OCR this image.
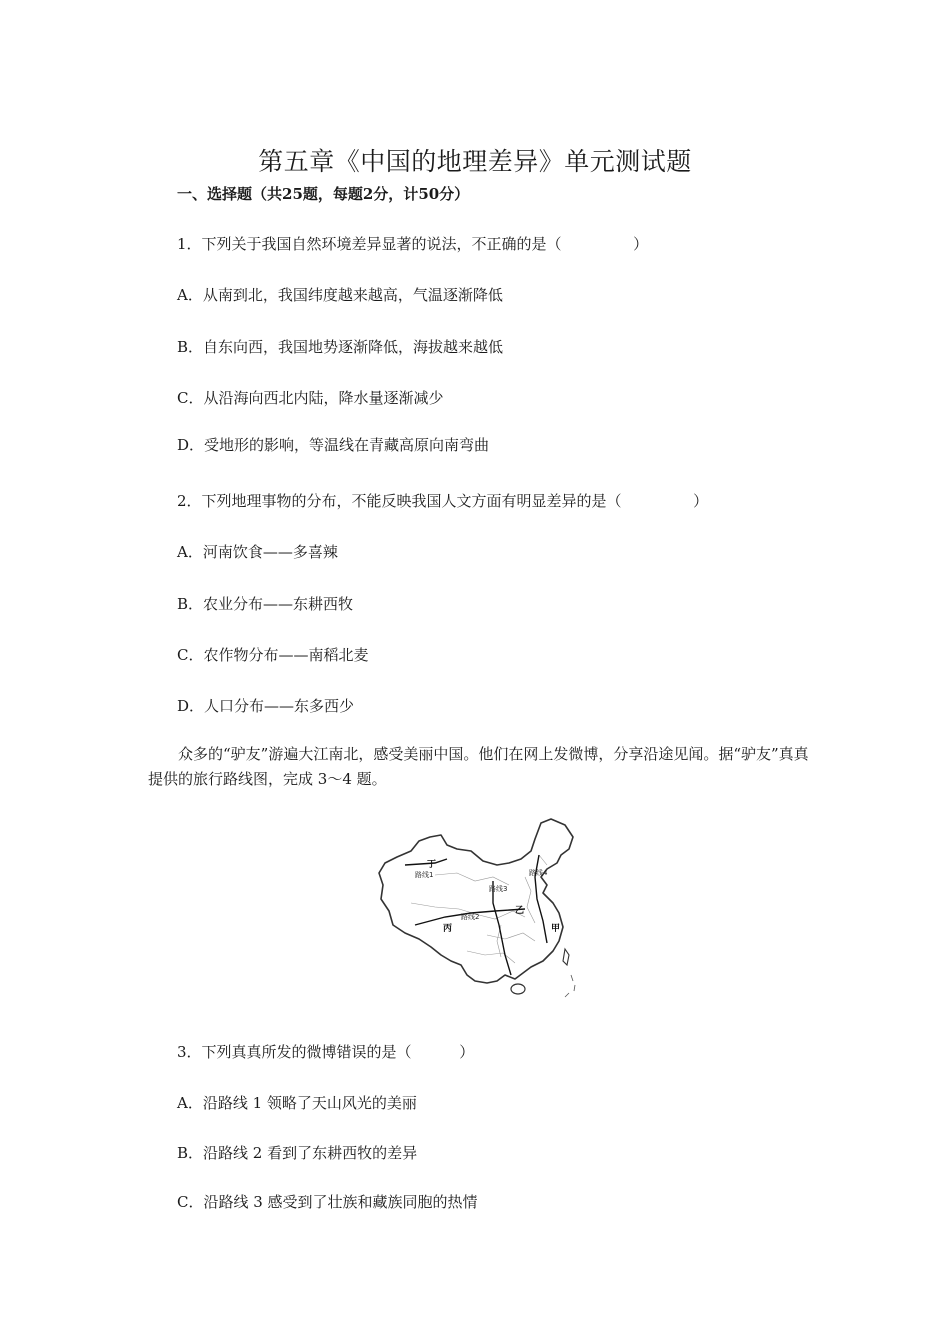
第五章《中国的地理差异》单元测试题
一、选择题（共25题，每题2分，计50分）

1．下列关于我国自然环境差异显著的说法，不正确的是（               ）

A．从南到北，我国纬度越来越高，气温逐渐降低

B．自东向西，我国地势逐渐降低，海拔越来越低

C．从沿海向西北内陆，降水量逐渐减少

D．受地形的影响，等温线在青藏高原向南弯曲

2．下列地理事物的分布，不能反映我国人文方面有明显差异的是（               ）

A．河南饮食——多喜辣

B．农业分布——东耕西牧

C．农作物分布——南稻北麦

D．人口分布——东多西少

众多的“驴友”游遍大江南北，感受美丽中国。他们在网上发微博，分享沿途见闻。据“驴友”真真提供的旅行路线图，完成 3～4 题。

路线1
路线2
路线3
路线4
丁
丙	甲
乙

3．下列真真所发的微博错误的是（          ）

A．沿路线 1 领略了天山风光的美丽

B．沿路线 2 看到了东耕西牧的差异

C．沿路线 3 感受到了壮族和藏族同胞的热情
